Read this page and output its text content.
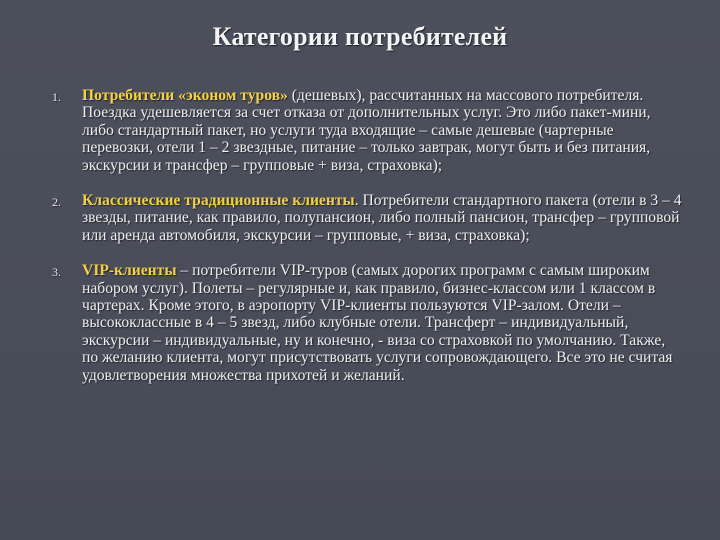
Категории потребителей
1. Потребители «эконом туров» (дешевых), рассчитанных на массового потребителя. Поездка удешевляется за счет отказа от дополнительных услуг. Это либо пакет-мини, либо стандартный пакет, но услуги туда входящие – самые дешевые (чартерные перевозки, отели 1 – 2 звездные, питание – только завтрак, могут быть и без питания, экскурсии и трансфер – групповые + виза, страховка);
2. Классические традиционные клиенты. Потребители стандартного пакета (отели в 3 – 4 звезды, питание, как правило, полупансион, либо полный пансион, трансфер – групповой или аренда автомобиля, экскурсии – групповые, + виза, страховка);
3. VIP-клиенты – потребители VIP-туров (самых дорогих программ с самым широким набором услуг). Полеты – регулярные и, как правило, бизнес-классом или 1 классом в чартерах. Кроме этого, в аэропорту VIP-клиенты пользуются VIP-залом. Отели – высококлассные в 4 – 5 звезд, либо клубные отели. Трансферт – индивидуальный, экскурсии – индивидуальные, ну и конечно, - виза со страховкой по умолчанию. Также, по желанию клиента, могут присутствовать услуги сопровождающего. Все это не считая удовлетворения множества прихотей и желаний.
